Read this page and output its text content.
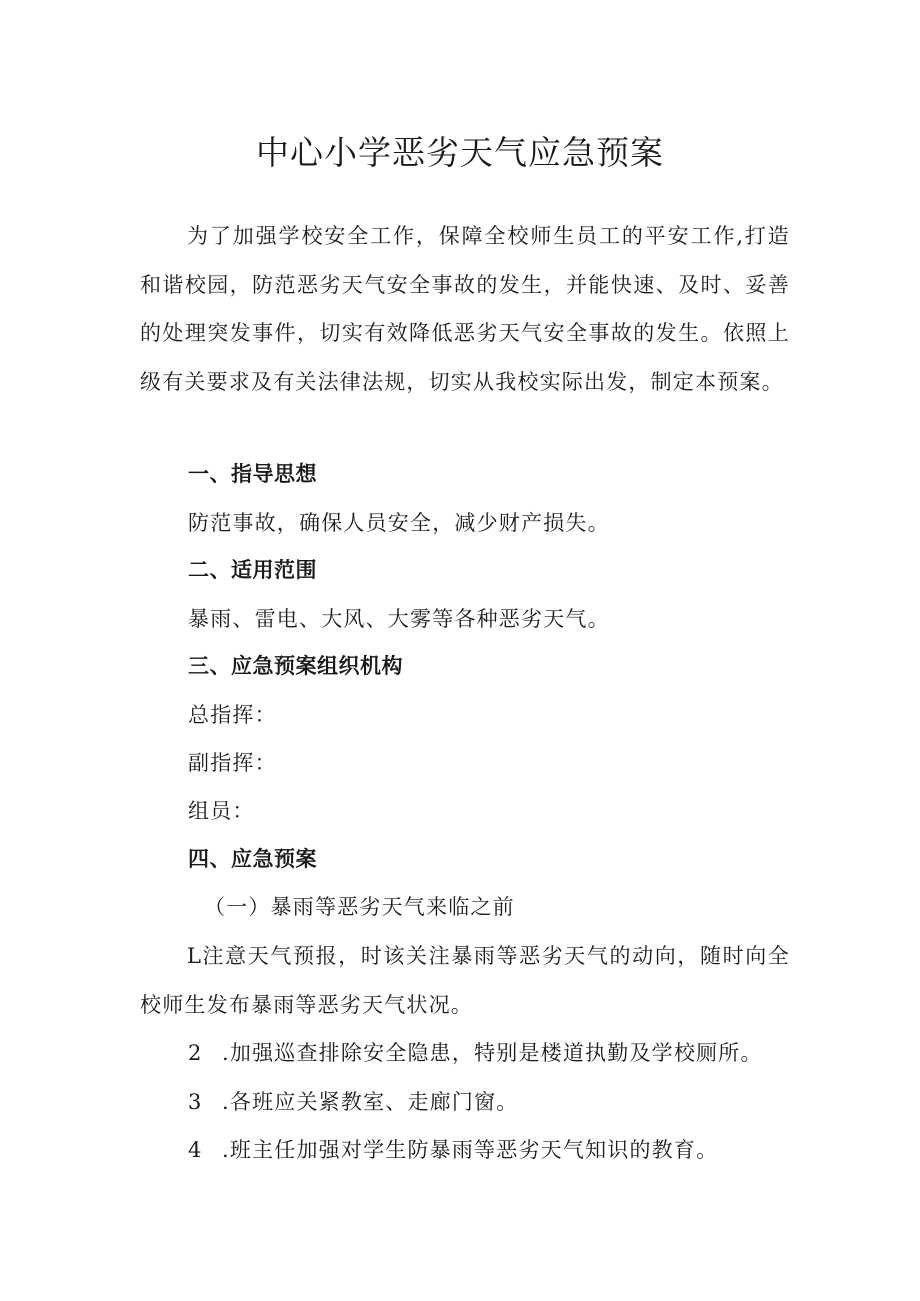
中心小学恶劣天气应急预案

为了加强学校安全工作，保障全校师生员工的平安工作,打造和谐校园，防范恶劣天气安全事故的发生，并能快速、及时、妥善的处理突发事件，切实有效降低恶劣天气安全事故的发生。依照上级有关要求及有关法律法规，切实从我校实际出发，制定本预案。

一、指导思想

防范事故，确保人员安全，减少财产损失。

二、适用范围

暴雨、雷电、大风、大雾等各种恶劣天气。

三、应急预案组织机构

总指挥：

副指挥：

组员：

四、应急预案

（一）暴雨等恶劣天气来临之前

L注意天气预报，时该关注暴雨等恶劣天气的动向，随时向全校师生发布暴雨等恶劣天气状况。

2 .加强巡查排除安全隐患，特别是楼道执勤及学校厕所。

3 .各班应关紧教室、走廊门窗。

4 .班主任加强对学生防暴雨等恶劣天气知识的教育。
